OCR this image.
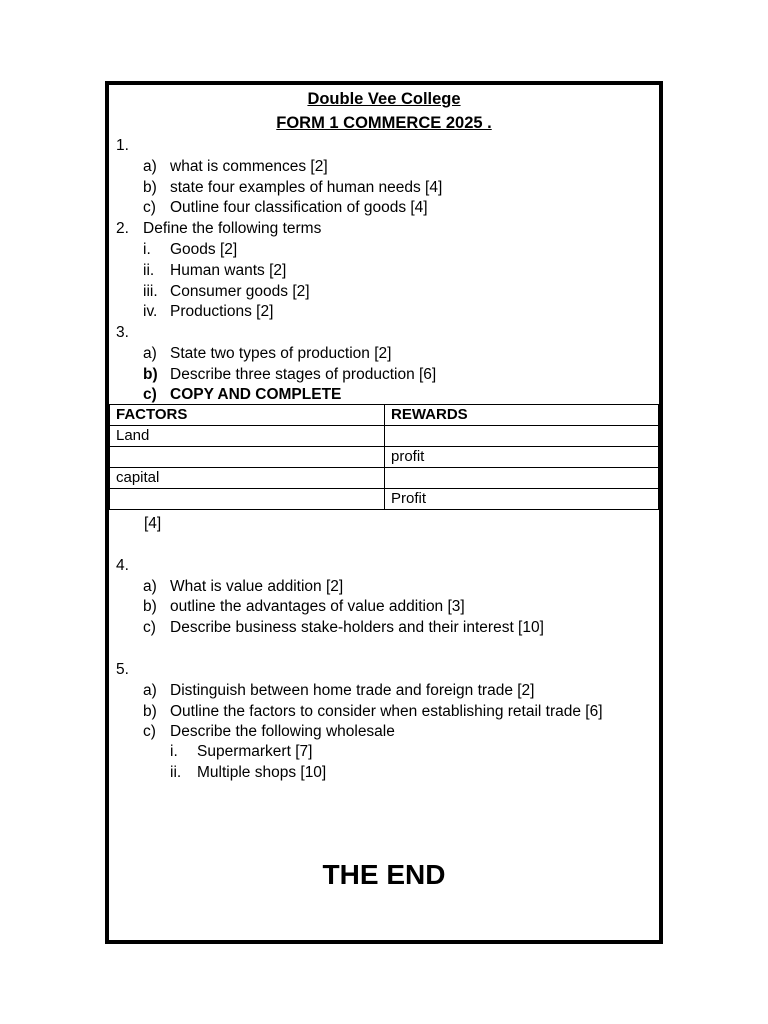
Double Vee College
FORM 1 COMMERCE 2025 .
1.
a) what is commences [2]
b) state four examples of human needs [4]
c) Outline four classification of goods [4]
2. Define the following terms
i. Goods [2]
ii. Human wants [2]
iii. Consumer goods [2]
iv. Productions [2]
3.
a) State two types of production [2]
b) Describe three stages of production [6]
c) COPY AND COMPLETE
FACTORS	REWARDS
Land	
	profit
capital	
	Profit
[4]
4.
a) What is value addition [2]
b) outline the advantages of value addition [3]
c) Describe business stake-holders and their interest [10]
5.
a) Distinguish between home trade and foreign trade [2]
b) Outline the factors to consider when establishing retail trade [6]
c) Describe the following wholesale
i. Supermarkert [7]
ii. Multiple shops [10]
THE END
